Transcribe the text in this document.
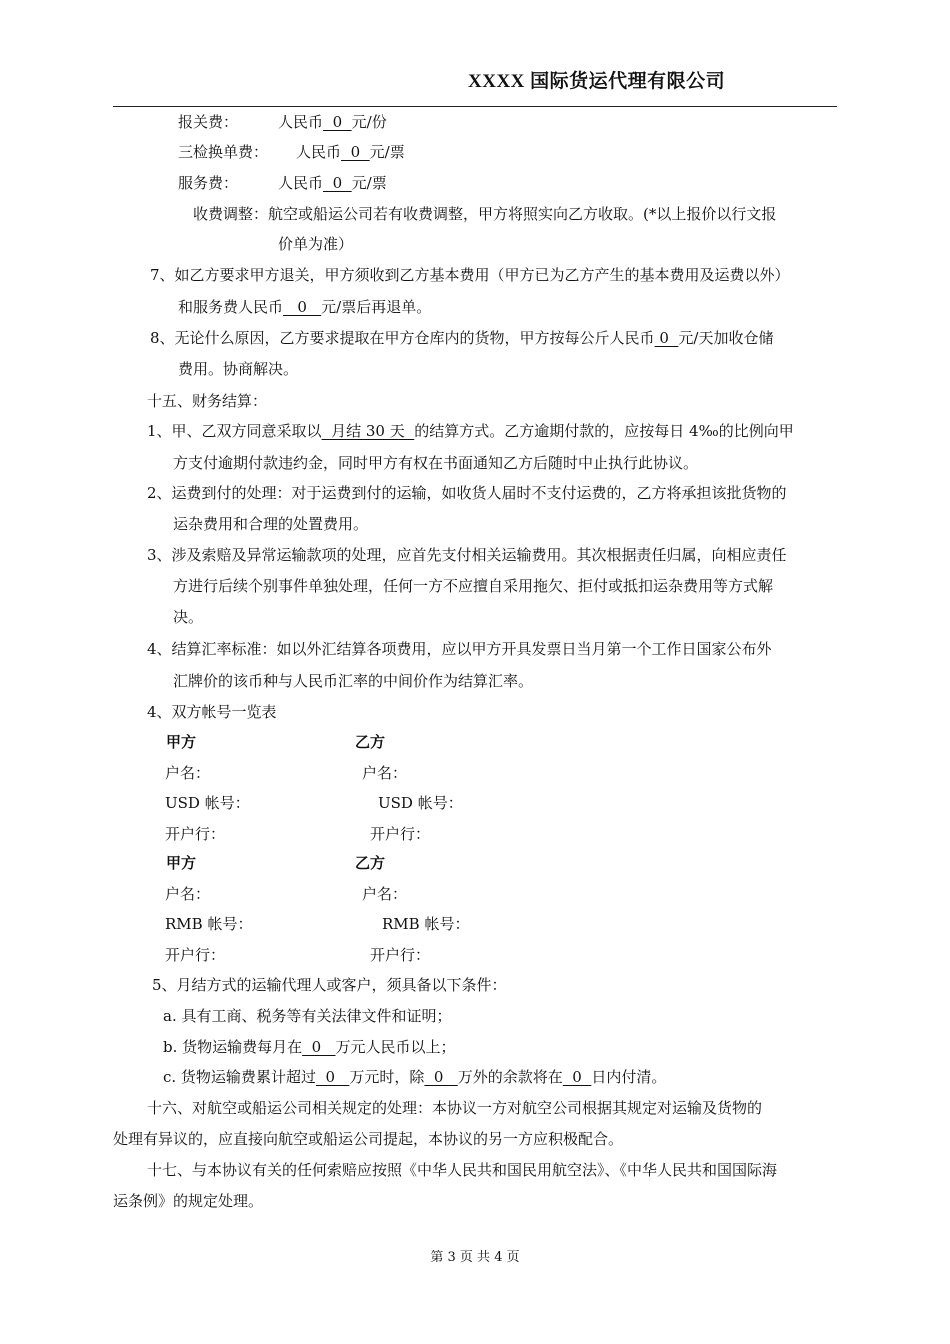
XXXX 国际货运代理有限公司
报关费：	人民币  0  元/份
三检换单费： 人民币  0  元/票
服务费：	人民币  0  元/票
收费调整：航空或船运公司若有收费调整，甲方将照实向乙方收取。(*以上报价以行文报
价单为准）
7、如乙方要求甲方退关，甲方须收到乙方基本费用（甲方已为乙方产生的基本费用及运费以外）
和服务费人民币   0   元/票后再退单。
8、无论什么原因，乙方要求提取在甲方仓库内的货物，甲方按每公斤人民币 0  元/天加收仓储
费用。协商解决。
十五、财务结算：
1、甲、乙双方同意采取以  月结 30 天  的结算方式。乙方逾期付款的，应按每日 4‰的比例向甲
方支付逾期付款违约金，同时甲方有权在书面通知乙方后随时中止执行此协议。
2、运费到付的处理：对于运费到付的运输，如收货人届时不支付运费的，乙方将承担该批货物的
运杂费用和合理的处置费用。
3、涉及索赔及异常运输款项的处理，应首先支付相关运输费用。其次根据责任归属，向相应责任
方进行后续个别事件单独处理，任何一方不应擅自采用拖欠、拒付或抵扣运杂费用等方式解
决。
4、结算汇率标准：如以外汇结算各项费用，应以甲方开具发票日当月第一个工作日国家公布外
汇牌价的该币种与人民币汇率的中间价作为结算汇率。
4、双方帐号一览表
甲方	乙方
户名：	户名：
USD 帐号：	USD 帐号：
开户行：	开户行：
甲方	乙方
户名：	户名：
RMB 帐号：	RMB 帐号：
开户行：	开户行：
5、月结方式的运输代理人或客户，须具备以下条件：
a. 具有工商、税务等有关法律文件和证明；
b. 货物运输费每月在  0   万元人民币以上；
c. 货物运输费累计超过  0   万元时，除  0   万外的余款将在  0  日内付清。
十六、对航空或船运公司相关规定的处理：本协议一方对航空公司根据其规定对运输及货物的
处理有异议的，应直接向航空或船运公司提起，本协议的另一方应积极配合。
十七、与本协议有关的任何索赔应按照《中华人民共和国民用航空法》、《中华人民共和国国际海
运条例》的规定处理。
第 3 页 共 4 页
